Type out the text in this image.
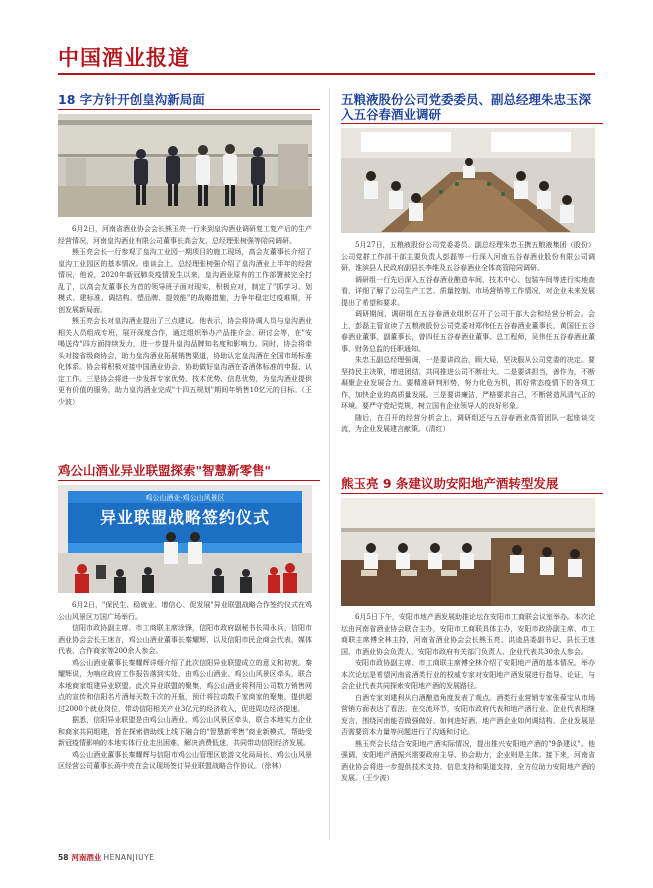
中国酒业报道
18 字方针开创皇沟新局面

6月2日，河南省酒业协会会长熊玉亮一行来到皇沟酒业调研复工复产后的生产经营情况，河南皇沟酒业有限公司董事长高会友、总经理张树强等陪同调研。

熊玉亮会长一行参观了皇沟工业园一期项目的施工现场，高会友董事长介绍了皇沟工业园区的基本情况。座谈会上，总经理张树强介绍了皇沟酒业上半年的经营情况，他说，2020年新冠肺炎疫情发生以来，皇沟酒业原有的工作部署被完全打乱了，以高会友董事长为首的领导班子面对现实，积极应对，制定了"抓学习、划模式、建标准、调结构、塑品牌、提效能"的战略措施，力争年稳定过疫难期，开创发展新局面。

熊玉亮会长对皇沟酒业提出了三点建议。他表示，协会将协调人员与皇沟酒业相关人员组成专班，展开深度合作，通过组织举办产品推介会、研讨会等，在"安喝送待"四方面持续发力，进一步提升皇沟品牌知名度和影响力。同时，协会将牵头对接省级商协会，助力皇沟酒业拓展销售渠道，协助认定皇沟酒在全国市场标准化体系。协会将积极对接中国酒业协会，协助做好皇沟酒在香酒体标准的申报、认定工作。三是协会将进一步发挥专家优势、技术优势、信息优势，为皇沟酒业提供更有价值的服务，助力皇沟酒业完成"十四五规划"期间年销售10亿元的目标。（王少波）

鸡公山酒业异业联盟探索"智慧新零售"
鸡公山酒业·鸡公山风景区
异业联盟战略签约仪式

6月2日，"保民生、稳就业、增信心、促发展"异业联盟战略合作签约仪式在鸡公山风景区万国广场举行。

信阳市政协副主席、市工商联主席涂锋，信阳市政府副秘书长周永兵，信阳市酒业协会会长王迷言，鸡公山酒业董事长秦耀辉，以及信阳市民企商会代表、媒体代表、合作商家等200余人参会。

鸡公山酒业董事长秦耀辉详细介绍了此次信阳异业联盟成立的意义和初衷。秦耀辉说，为响应政府工作报告落到实处，由鸡公山酒业、鸡公山风景区牵头，联合本地商家组建异业联盟。此次异业联盟的聚集，鸡公山酒业将利用公司数万销售网点的宣传和信阳名片酒每天数千次的开瓶，预计将拉动数千家商家的聚集，提供超过2000个就业岗位，带动信阳相关产业3亿元的经济收入，促进周边经济提速。

据悉，信阳异业联盟是由鸡公山酒业、鸡公山风景区牵头，联合本地实力企业和商家共同组建，旨在探索借助线上线下融合的"智慧新零售"商业新模式，帮助受新冠疫情影响的本地实体行业走出困难，解决消费低迷，共同带动信阳经济发展。

鸡公山酒业董事长秦耀辉与信阳市鸡公山管理区旅游文化局局长、鸡公山风景区经营公司董事长蒋中亮在会议现场签订异业联盟战略合作协议。（徐林）

五粮液股份公司党委委员、副总经理朱忠玉深入五谷春酒业调研

5月27日，五粮液股份公司党委委员、副总经理朱忠玉携五粮液集团（股份）公司党群工作部干部主要负责人彭磊等一行深入河南五谷春酒业股份有限公司调研，淮滨县人民政府副县长李维及五谷春酒业全体高管陪同调研。

调研组一行先后深入五谷春酒业酿造车间、技术中心、包装车间等进行实地查看，详细了解了公司生产工艺、质量控制、市场营销等工作情况，对企业未来发展提出了希望和要求。

调研期间，调研组在五谷春酒业组织召开了公司干部大会和经营分析会。会上，彭磊主管宣读了五粮液股份公司党委对郑伟任五谷春酒业董事长，黄国任五谷春酒业董事、副董事长，曾四任五谷春酒业董事、总工程师，吴伟任五谷春酒业董事、财务总监的任职通知。

朱忠玉副总经理强调，一是要讲政治，顾大局，坚决服从公司党委的决定。要坚持民主决策，增进团结，共同推进公司不断壮大。二是要讲担当，善作为，不断凝聚企业发展合力。要精准研判形势，努力化危为机，抓好常态疫情下的各项工作，加快企业的高质量发展。三是要讲廉洁，严格要求自己，不断营造风清气正的环境。要严守党纪党规，树立国有企业领导人的良好形象。

随后，在召开的经营分析会上，调研组还与五谷春酒业高管团队一起座谈交流，为企业发展建言献策。（清红）

熊玉亮 9 条建议助安阳地产酒转型发展

6月5日下午，安阳市地产酒发展助推论坛在安阳市工商联会议室举办。本次论坛由河南省酒业协会联合主办，安阳市工商联具体主办，安阳市政协副主席、市工商联主席傅全林主持，河南省酒业协会会长熊玉亮、洪逵县委副书记、县长王迷国、市酒业协会负责人，安阳市政府有关部门负责人、企业代表共30余人参会。

安阳市政协副主席、市工商联主席傅全林介绍了安阳地产酒的基本情况。举办本次论坛是希望河南省酒类行业的权威专家对安阳地产酒发展进行指导、论证，与会企业代表共同探索安阳地产酒的发展路径。

白酒专家刘建利从白酒酿造角度发表了观点。酒类行业营销专家张葆宝从市场营销方面表达了看法。在交流环节，安阳市政府代表和地产酒行业、企业代表相继发言，围绕河南能否做强做好、如何进好酒、地产酒企业如何调结构、企业发展是否需要资本力量等问题进行了沟通和讨论。

熊玉亮会长结合安阳地产酒实际情况，提出推兴安阳地产酒的"9条建议"。他强调，安阳地产酒振兴需要政府主导、协会助力，企业则是主体。接下来，河南省酒业协会将进一步提供技术支持、信息支持和渠道支持，全方位助力安阳地产酒的发展。（王少波）

58 河南酒业 HENANJIUYE
